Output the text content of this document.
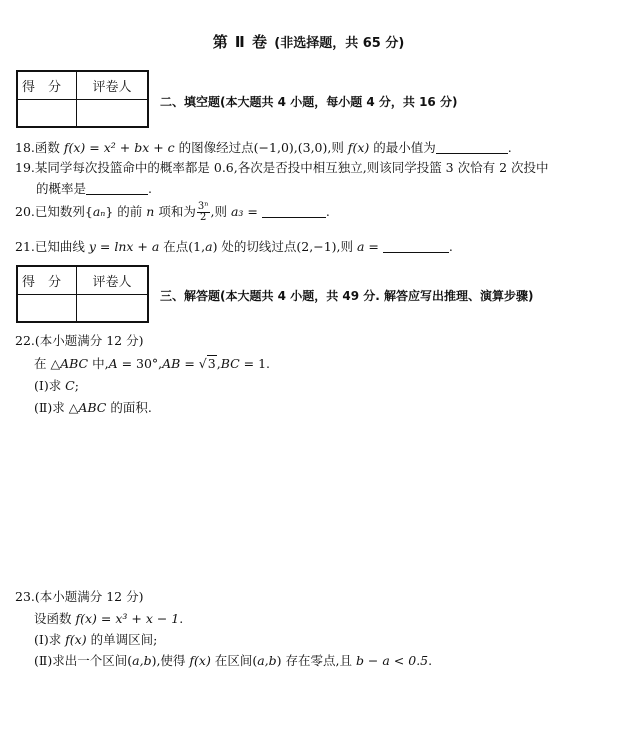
第 Ⅱ 卷 (非选择题，共 65 分)
得　分	评卷人

二、填空题(本大题共 4 小题，每小题 4 分，共 16 分)
18.函数 f(x) = x² + bx + c 的图像经过点(−1,0),(3,0),则 f(x) 的最小值为	.
19.某同学每次投篮命中的概率都是 0.6,各次是否投中相互独立,则该同学投篮 3 次恰有 2 次投中
的概率是	.
20.已知数列{aₙ} 的前 n 项和为 $\frac{\text{3ⁿ}}{2}$ ,则 a₃ =	.
21.已知曲线 y = lnx + a 在点(1,a) 处的切线过点(2,−1),则 a =	.
得　分	评卷人

三、解答题(本大题共 4 小题，共 49 分. 解答应写出推理、演算步骤)
22.(本小题满分 12 分)
在 △ABC 中,A = 30°,AB = √3,BC = 1.
(Ⅰ)求 C;
(Ⅱ)求 △ABC 的面积.
23.(本小题满分 12 分)
设函数 f(x) = x³ + x − 1.
(Ⅰ)求 f(x) 的单调区间;
(Ⅱ)求出一个区间(a,b),使得 f(x) 在区间(a,b) 存在零点,且 b − a < 0.5.
